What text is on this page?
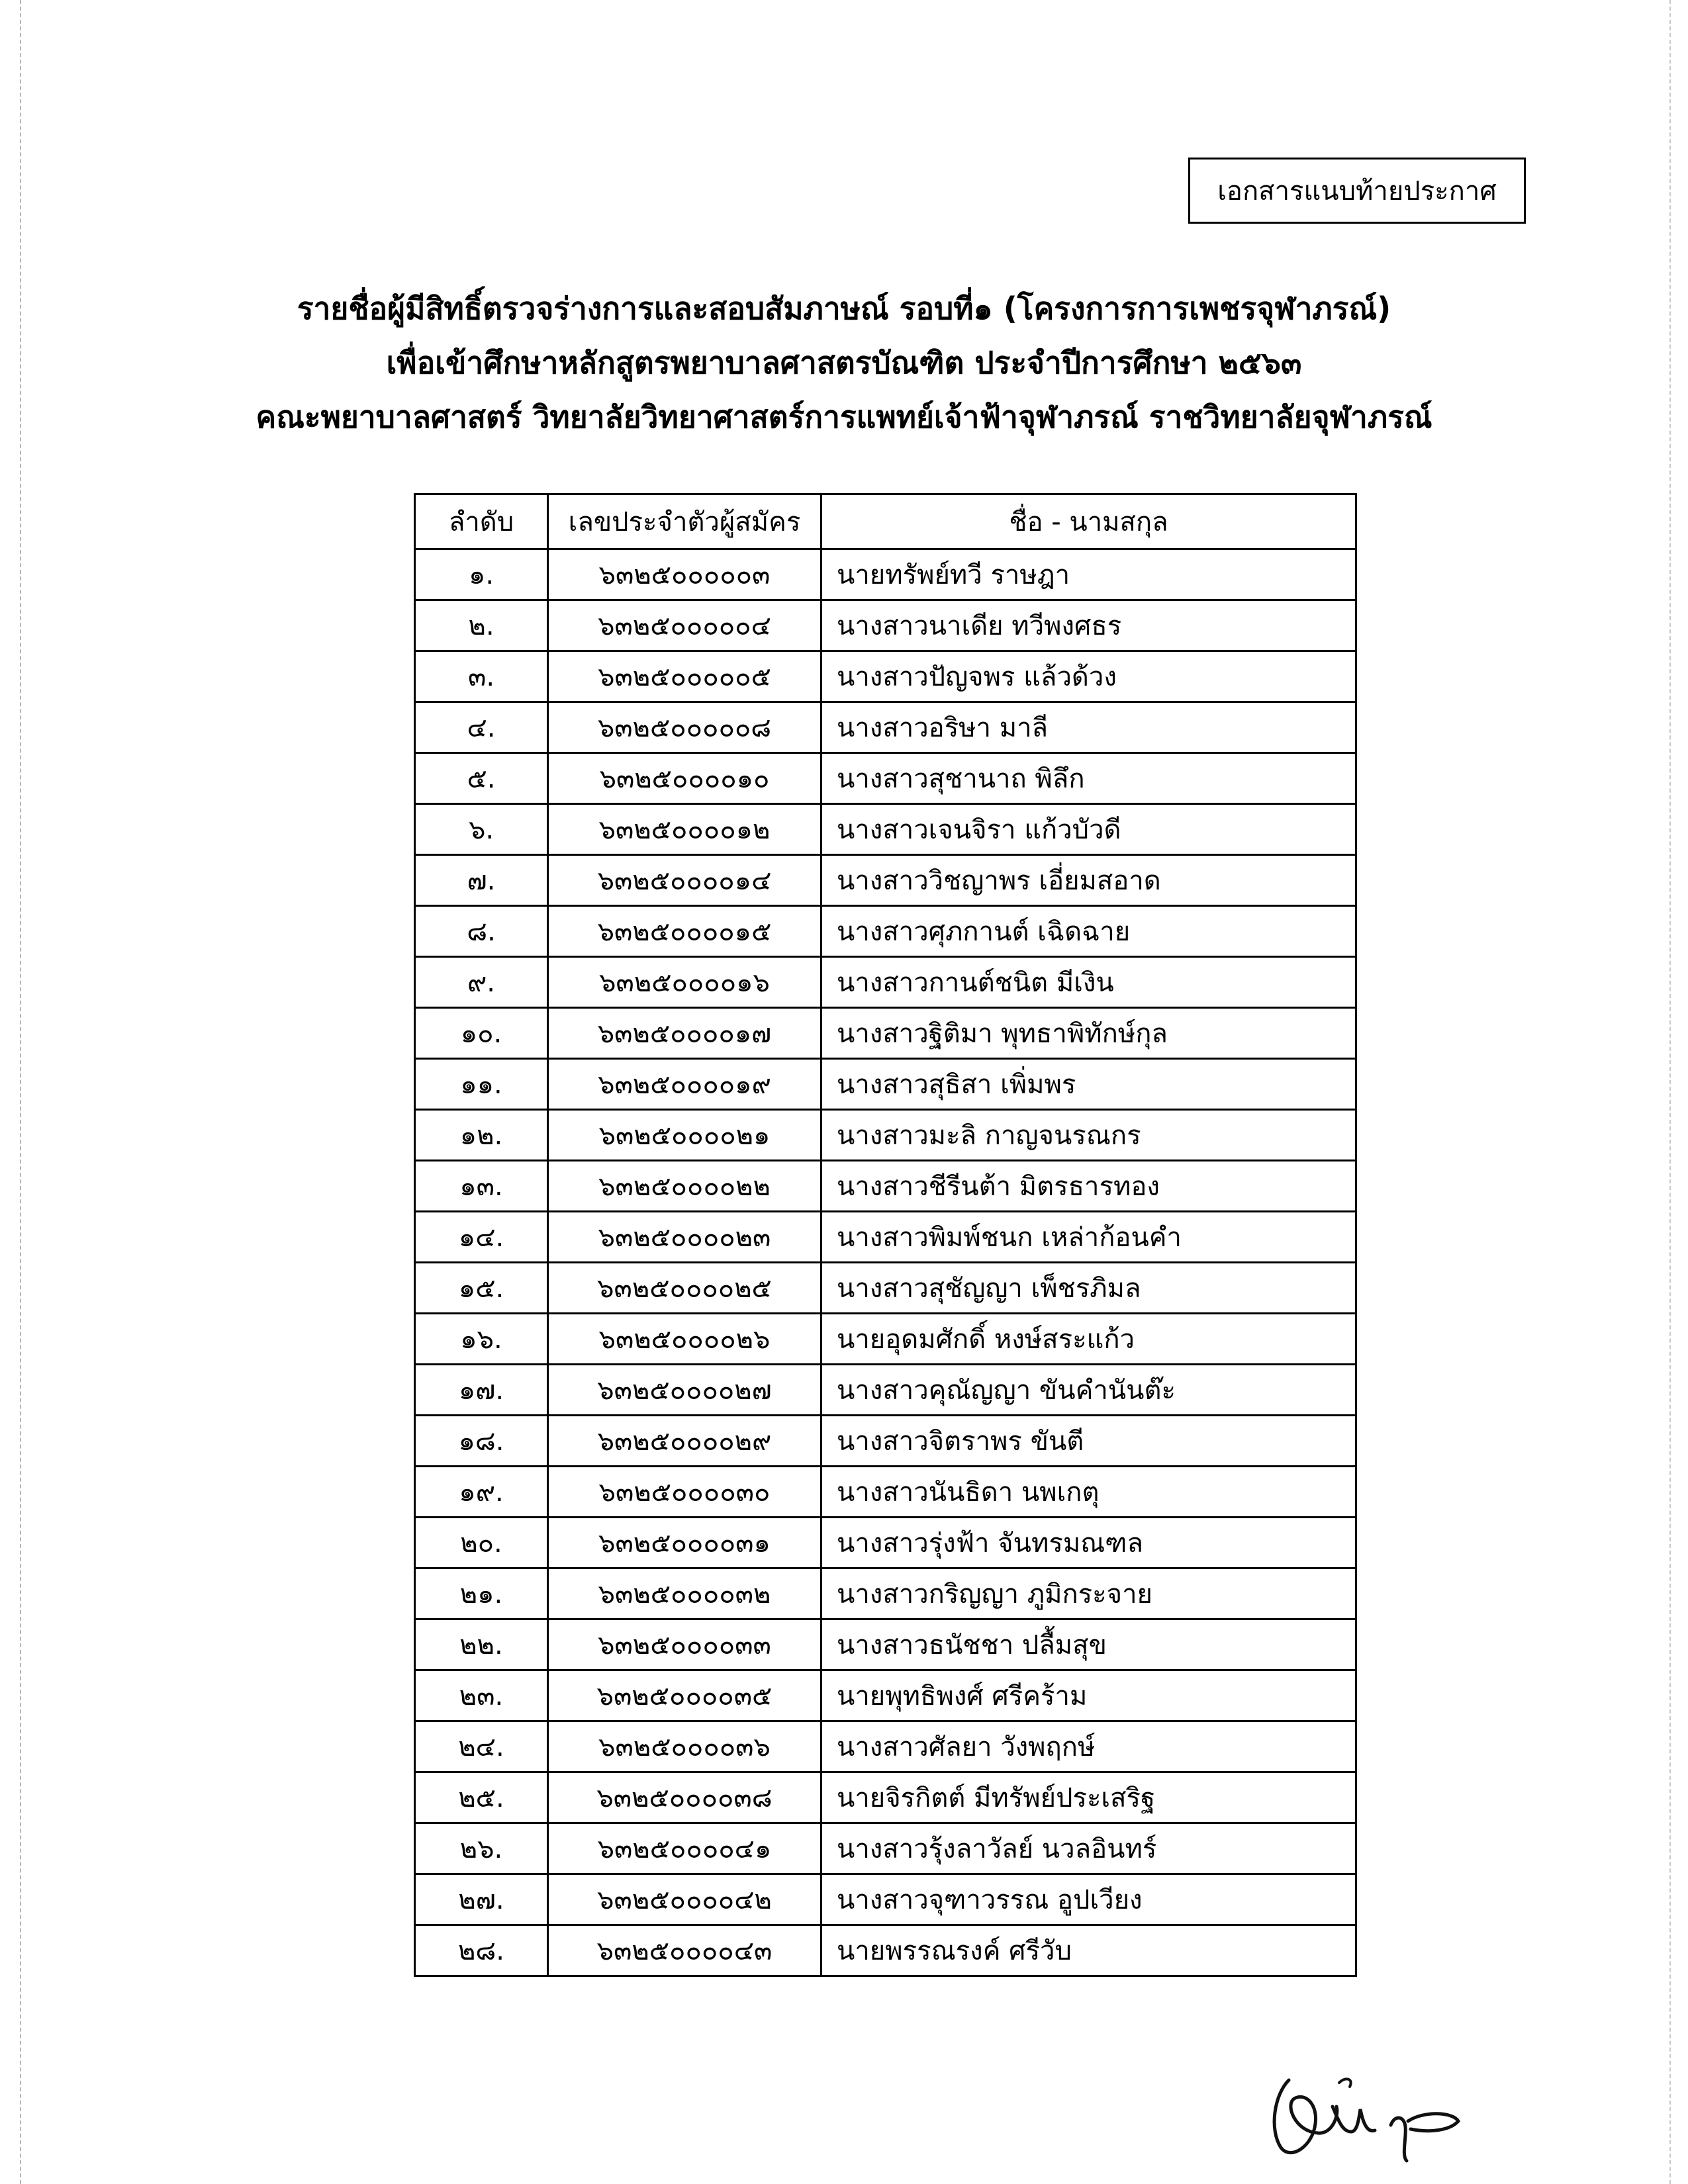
เอกสารแนบท้ายประกาศ
รายชื่อผู้มีสิทธิ์ตรวจร่างการและสอบสัมภาษณ์ รอบที่๑ (โครงการการเพชรจุฬาภรณ์)
เพื่อเข้าศึกษาหลักสูตรพยาบาลศาสตรบัณฑิต ประจำปีการศึกษา ๒๕๖๓
คณะพยาบาลศาสตร์ วิทยาลัยวิทยาศาสตร์การแพทย์เจ้าฟ้าจุฬาภรณ์ ราชวิทยาลัยจุฬาภรณ์
ลำดับ	เลขประจำตัวผู้สมัคร	ชื่อ - นามสกุล
๑.	๖๓๒๕๐๐๐๐๐๓	นายทรัพย์ทวี ราษฎา
๒.	๖๓๒๕๐๐๐๐๐๔	นางสาวนาเดีย ทวีพงศธร
๓.	๖๓๒๕๐๐๐๐๐๕	นางสาวปัญจพร แล้วด้วง
๔.	๖๓๒๕๐๐๐๐๐๘	นางสาวอริษา มาลี
๕.	๖๓๒๕๐๐๐๐๑๐	นางสาวสุชานาถ พิลึก
๖.	๖๓๒๕๐๐๐๐๑๒	นางสาวเจนจิรา แก้วบัวดี
๗.	๖๓๒๕๐๐๐๐๑๔	นางสาววิชญาพร เอี่ยมสอาด
๘.	๖๓๒๕๐๐๐๐๑๕	นางสาวศุภกานต์ เฉิดฉาย
๙.	๖๓๒๕๐๐๐๐๑๖	นางสาวกานต์ชนิต มีเงิน
๑๐.	๖๓๒๕๐๐๐๐๑๗	นางสาวฐิติมา พุทธาพิทักษ์กุล
๑๑.	๖๓๒๕๐๐๐๐๑๙	นางสาวสุธิสา เพิ่มพร
๑๒.	๖๓๒๕๐๐๐๐๒๑	นางสาวมะลิ กาญจนรณกร
๑๓.	๖๓๒๕๐๐๐๐๒๒	นางสาวชีรีนต้า มิตรธารทอง
๑๔.	๖๓๒๕๐๐๐๐๒๓	นางสาวพิมพ์ชนก เหล่าก้อนคำ
๑๕.	๖๓๒๕๐๐๐๐๒๕	นางสาวสุชัญญา เพ็ชรภิมล
๑๖.	๖๓๒๕๐๐๐๐๒๖	นายอุดมศักดิ์ หงษ์สระแก้ว
๑๗.	๖๓๒๕๐๐๐๐๒๗	นางสาวคุณัญญา ขันคำนันต๊ะ
๑๘.	๖๓๒๕๐๐๐๐๒๙	นางสาวจิตราพร ขันตี
๑๙.	๖๓๒๕๐๐๐๐๓๐	นางสาวนันธิดา นพเกตุ
๒๐.	๖๓๒๕๐๐๐๐๓๑	นางสาวรุ่งฟ้า จันทรมณฑล
๒๑.	๖๓๒๕๐๐๐๐๓๒	นางสาวกริญญา ภูมิกระจาย
๒๒.	๖๓๒๕๐๐๐๐๓๓	นางสาวธนัชชา ปลื้มสุข
๒๓.	๖๓๒๕๐๐๐๐๓๕	นายพุทธิพงศ์ ศรีคร้าม
๒๔.	๖๓๒๕๐๐๐๐๓๖	นางสาวศัลยา วังพฤกษ์
๒๕.	๖๓๒๕๐๐๐๐๓๘	นายจิรกิตต์ มีทรัพย์ประเสริฐ
๒๖.	๖๓๒๕๐๐๐๐๔๑	นางสาวรุ้งลาวัลย์ นวลอินทร์
๒๗.	๖๓๒๕๐๐๐๐๔๒	นางสาวจุฑาวรรณ อูปเวียง
๒๘.	๖๓๒๕๐๐๐๐๔๓	นายพรรณรงค์ ศรีวับ
